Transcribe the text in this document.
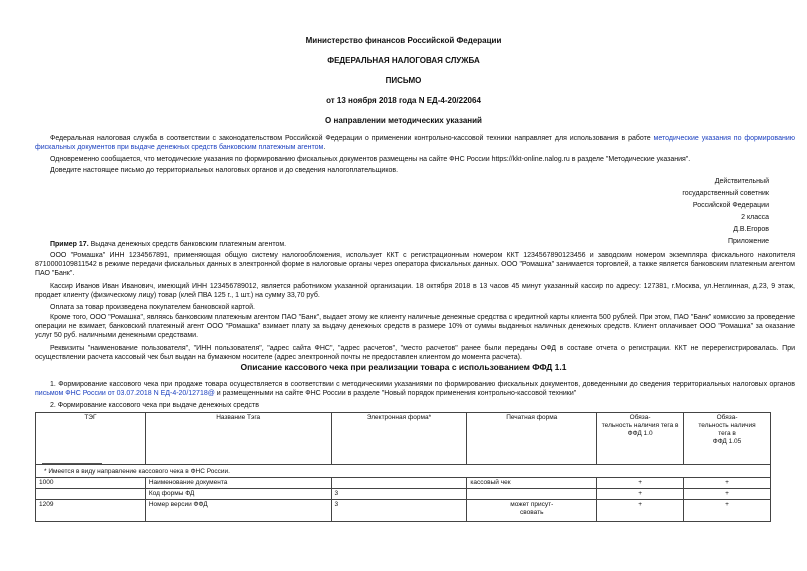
Министерство финансов Российской Федерации
ФЕДЕРАЛЬНАЯ НАЛОГОВАЯ СЛУЖБА
ПИСЬМО
от 13 ноября 2018 года N ЕД-4-20/22064
О направлении методических указаний
Федеральная налоговая служба в соответствии с законодательством Российской Федерации о применении контрольно-кассовой техники направляет для использования в работе методические указания по формированию фискальных документов при выдаче денежных средств банковским платежным агентом.
Одновременно сообщается, что методические указания по формированию фискальных документов размещены на сайте ФНС России https://kkt-online.nalog.ru в разделе "Методические указания".
Доведите настоящее письмо до территориальных налоговых органов и до сведения налогоплательщиков.
Действительный
государственный советник
Российской Федерации
2 класса
Д.В.Егоров
Приложение
Пример 17. Выдача денежных средств банковским платежным агентом.
ООО "Ромашка" ИНН 1234567891, применяющая общую систему налогообложения, использует ККТ с регистрационным номером ККТ 1234567890123456 и заводским номером экземпляра фискального накопителя 8710000109811542 в режиме передачи фискальных данных в электронной форме в налоговые органы через оператора фискальных данных. ООО "Ромашка" занимается торговлей, а также является банковским платежным агентом ПАО "Банк".
Кассир Иванов Иван Иванович, имеющий ИНН 123456789012, является работником указанной организации. 18 октября 2018 в 13 часов 45 минут указанный кассир по адресу: 127381, г.Москва, ул.Неглинная, д.23, 9 этаж, продает клиенту (физическому лицу) товар (клей ПВА 125 г., 1 шт.) на сумму 33,70 руб.
Оплата за товар произведена покупателем банковской картой.
Кроме того, ООО "Ромашка", являясь банковским платежным агентом ПАО "Банк", выдает этому же клиенту наличные денежные средства с кредитной карты клиента 500 рублей. При этом, ПАО "Банк" комиссию за проведение операции не взимает, банковский платежный агент ООО "Ромашка" взимает плату за выдачу денежных средств в размере 10% от суммы выданных наличных денежных средств. Клиент оплачивает ООО "Ромашка" за оказание услуг 50 руб. наличными денежными средствами.
Реквизиты "наименование пользователя", "ИНН пользователя", "адрес сайта ФНС", "адрес расчетов", "место расчетов" ранее были переданы ОФД в составе отчета о регистрации. ККТ не перерегистрировалась. При осуществлении расчета кассовый чек был выдан на бумажном носителе (адрес электронной почты не предоставлен клиентом до момента расчета).
Описание кассового чека при реализации товара с использованием ФФД 1.1
1. Формирование кассового чека при продаже товара осуществляется в соответствии с методическими указаниями по формированию фискальных документов, доведенными до сведения территориальных налоговых органов письмом ФНС России от 03.07.2018 N ЕД-4-20/12718@ и размещенными на сайте ФНС России в разделе "Новый порядок применения контрольно-кассовой техники"
2. Формирование кассового чека при выдаче денежных средств
ТЭГ	Название Тэга	Электронная форма*	Печатная форма	Обяза-
тельность наличия тега в
ФФД 1.0	Обяза-
тельность наличия
тега в
ФФД 1.05
* Имеется в виду направление кассового чека в ФНС России.					
1000	Наименование документа		кассовый чек	+	+
	Код формы ФД	3		+	+
1209	Номер версии ФФД	3	может присут-
свовать	+	+
